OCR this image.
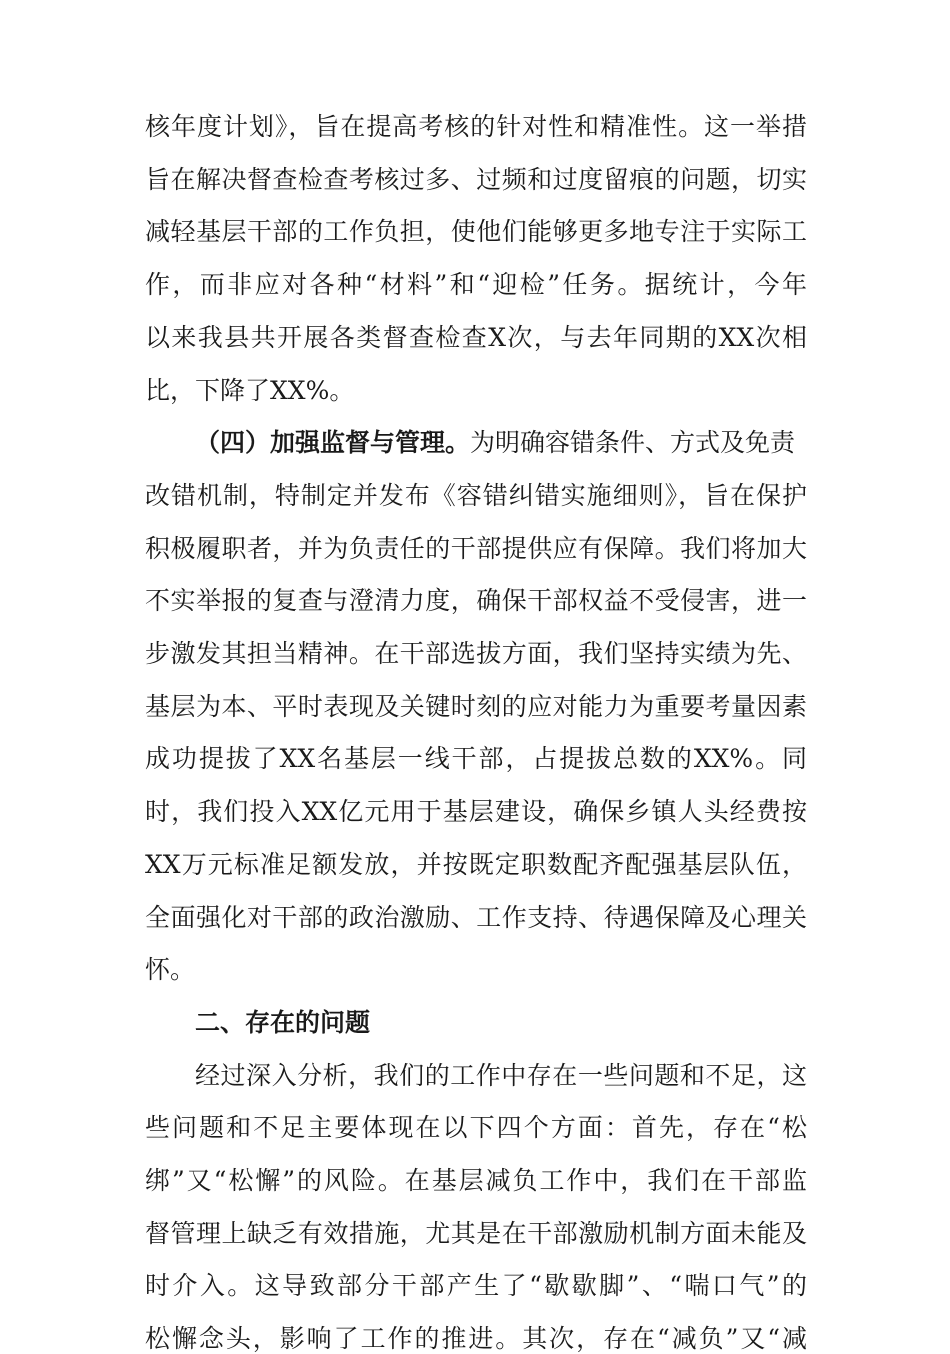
核年度计划》，旨在提高考核的针对性和精准性。这一举措
旨在解决督查检查考核过多、过频和过度留痕的问题，切实
减轻基层干部的工作负担，使他们能够更多地专注于实际工
作，而非应对各种“材料”和“迎检”任务。据统计，今年
以来我县共开展各类督查检查X次，与去年同期的XX次相
比，下降了XX%。
（四）加强监督与管理。为明确容错条件、方式及免责
改错机制，特制定并发布《容错纠错实施细则》，旨在保护
积极履职者，并为负责任的干部提供应有保障。我们将加大
不实举报的复查与澄清力度，确保干部权益不受侵害，进一
步激发其担当精神。在干部选拔方面，我们坚持实绩为先、
基层为本、平时表现及关键时刻的应对能力为重要考量因素
成功提拔了XX名基层一线干部，占提拔总数的XX%。同
时，我们投入XX亿元用于基层建设，确保乡镇人头经费按
XX万元标准足额发放，并按既定职数配齐配强基层队伍，
全面强化对干部的政治激励、工作支持、待遇保障及心理关
怀。
二、存在的问题
经过深入分析，我们的工作中存在一些问题和不足，这
些问题和不足主要体现在以下四个方面：首先，存在“松
绑”又“松懈”的风险。在基层减负工作中，我们在干部监
督管理上缺乏有效措施，尤其是在干部激励机制方面未能及
时介入。这导致部分干部产生了“歇歇脚”、“喘口气”的
松懈念头，影响了工作的推进。其次，存在“减负”又“减
